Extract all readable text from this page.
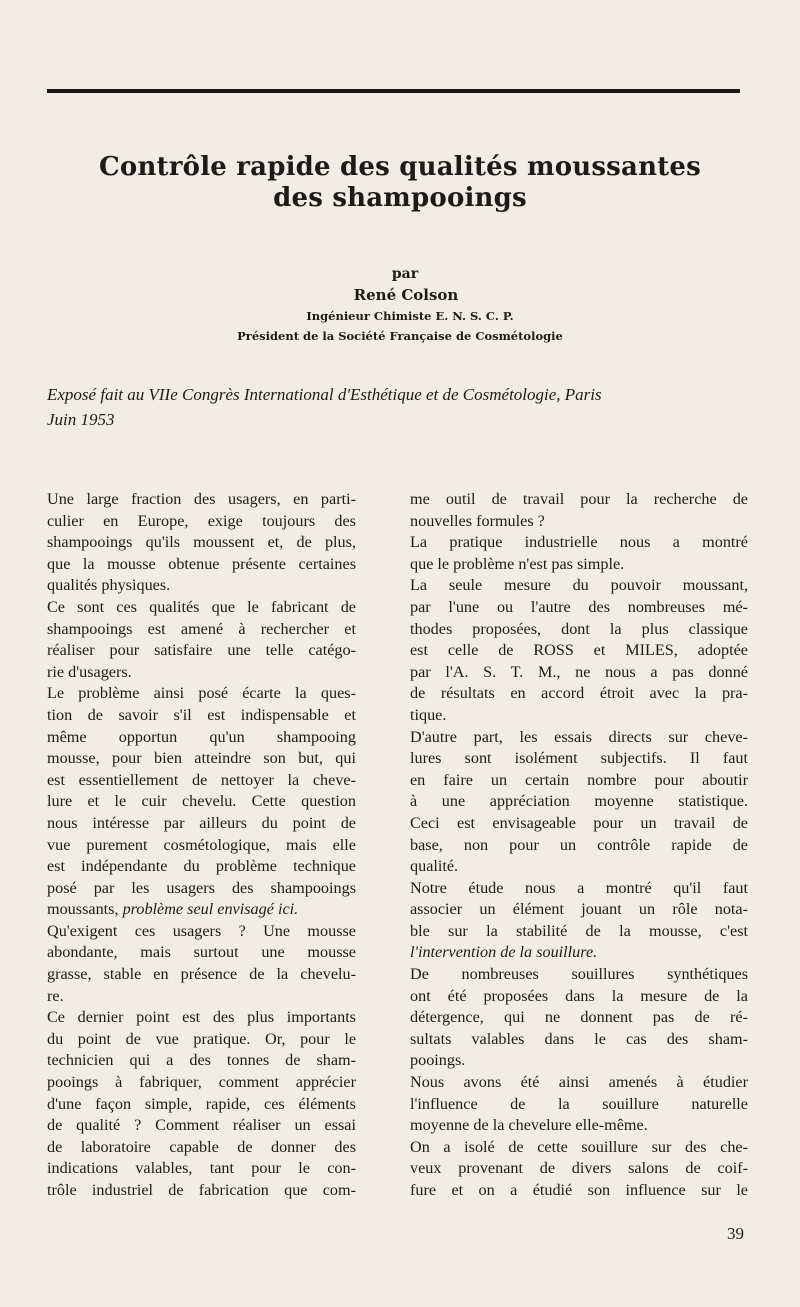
Contrôle rapide des qualités moussantes
des shampooings
par
René Colson
Ingénieur Chimiste E. N. S. C. P.
Président de la Société Française de Cosmétologie
Exposé fait au VIIe Congrès International d'Esthétique et de Cosmétologie, Paris
Juin 1953
Une large fraction des usagers, en parti-
culier en Europe, exige toujours des
shampooings qu'ils moussent et, de plus,
que la mousse obtenue présente certaines
qualités physiques.
Ce sont ces qualités que le fabricant de
shampooings est amené à rechercher et
réaliser pour satisfaire une telle catégo-
rie d'usagers.
Le problème ainsi posé écarte la ques-
tion de savoir s'il est indispensable et
même opportun qu'un shampooing
mousse, pour bien atteindre son but, qui
est essentiellement de nettoyer la cheve-
lure et le cuir chevelu. Cette question
nous intéresse par ailleurs du point de
vue purement cosmétologique, mais elle
est indépendante du problème technique
posé par les usagers des shampooings
moussants, problème seul envisagé ici.
Qu'exigent ces usagers ? Une mousse
abondante, mais surtout une mousse
grasse, stable en présence de la chevelu-
re.
Ce dernier point est des plus importants
du point de vue pratique. Or, pour le
technicien qui a des tonnes de sham-
pooings à fabriquer, comment apprécier
d'une façon simple, rapide, ces éléments
de qualité ? Comment réaliser un essai
de laboratoire capable de donner des
indications valables, tant pour le con-
trôle industriel de fabrication que com-
me outil de travail pour la recherche de
nouvelles formules ?
La pratique industrielle nous a montré
que le problème n'est pas simple.
La seule mesure du pouvoir moussant,
par l'une ou l'autre des nombreuses mé-
thodes proposées, dont la plus classique
est celle de ROSS et MILES, adoptée
par l'A. S. T. M., ne nous a pas donné
de résultats en accord étroit avec la pra-
tique.
D'autre part, les essais directs sur cheve-
lures sont isolément subjectifs. Il faut
en faire un certain nombre pour aboutir
à une appréciation moyenne statistique.
Ceci est envisageable pour un travail de
base, non pour un contrôle rapide de
qualité.
Notre étude nous a montré qu'il faut
associer un élément jouant un rôle nota-
ble sur la stabilité de la mousse, c'est
l'intervention de la souillure.
De nombreuses souillures synthétiques
ont été proposées dans la mesure de la
détergence, qui ne donnent pas de ré-
sultats valables dans le cas des sham-
pooings.
Nous avons été ainsi amenés à étudier
l'influence de la souillure naturelle
moyenne de la chevelure elle-même.
On a isolé de cette souillure sur des che-
veux provenant de divers salons de coif-
fure et on a étudié son influence sur le
39
